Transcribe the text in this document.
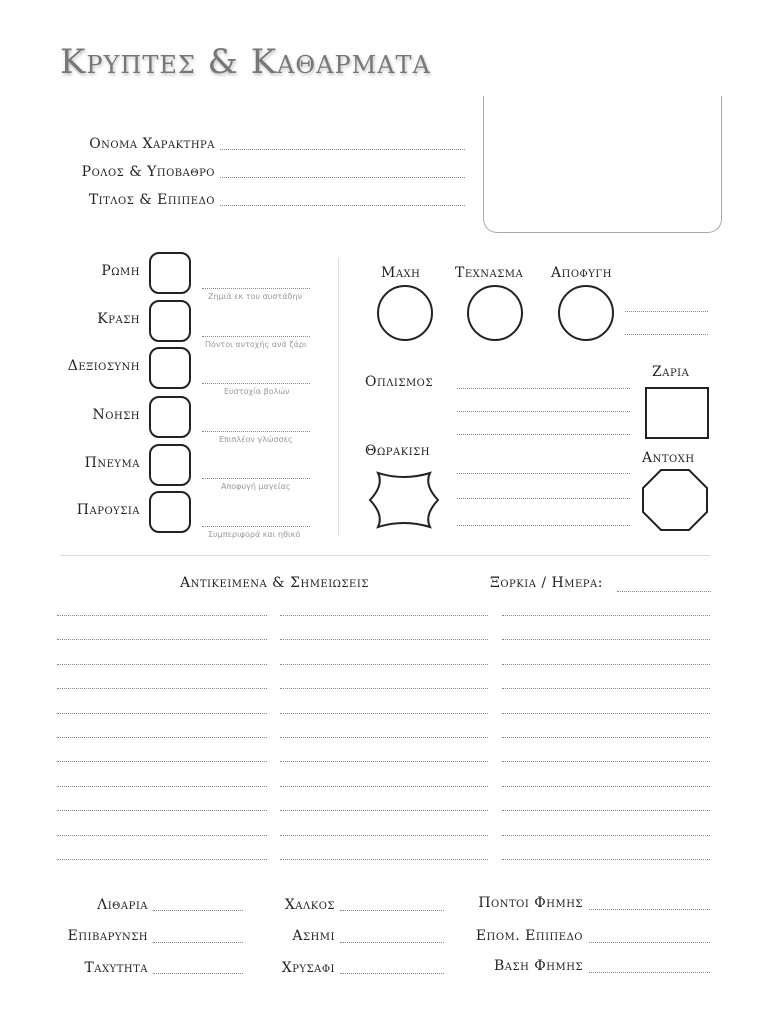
Κρυπτες & Καθαρματα
Ονομα Χαρακτηρα
Ρολος & Υποβαθρο
Τιτλος & Επιπεδο
Ρωμη
Ζημιά εκ του συστάδην
Κραση
Πόντοι αντοχής ανά ζάρι
Δεξιοσυνη
Ευστοχία βολών
Νοηση
Επιπλέον γλώσσες
Πνευμα
Αποφυγή μαγείας
Παρουσια
Συμπεριφορά και ηθικό
Μαχη Τεχνασμα Αποφυγη
Οπλισμος
Ζαρια
Θωρακιση	Αντοχη
Αντικειμενα & Σημειωσεις	Ξορκια / Ημερα:
Λιθαρια
Επιβαρυνση
Ταχυτητα
Χαλκος
Ασημι
Χρυσαφι
Ποντοι Φημης
Επομ. Επιπεδο
Βαση Φημης
